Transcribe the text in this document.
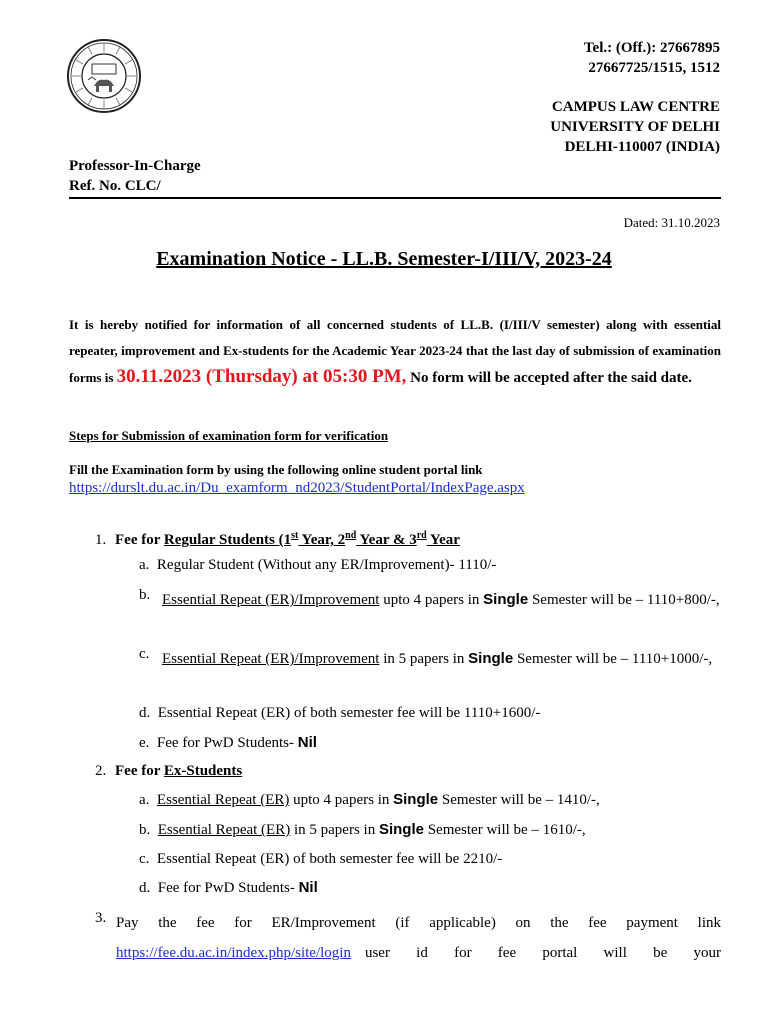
Tel.: (Off.): 27667895
27667725/1515, 1512
CAMPUS LAW CENTRE
UNIVERSITY OF DELHI
DELHI-110007 (INDIA)
Professor-In-Charge
Ref. No. CLC/
Dated: 31.10.2023
Examination Notice - LL.B. Semester-I/III/V, 2023-24
It is hereby notified for information of all concerned students of LL.B. (I/III/V semester) along with essential repeater, improvement and Ex-students for the Academic Year 2023-24 that the last day of submission of examination forms is 30.11.2023 (Thursday) at 05:30 PM, No form will be accepted after the said date.
Steps for Submission of examination form for verification
Fill the Examination form by using the following online student portal link
https://durslt.du.ac.in/Du_examform_nd2023/StudentPortal/IndexPage.aspx
1. Fee for Regular Students (1st Year, 2nd Year & 3rd Year
a. Regular Student (Without any ER/Improvement)- 1110/-
b. Essential Repeat (ER)/Improvement upto 4 papers in Single Semester will be – 1110+800/-,
c. Essential Repeat (ER)/Improvement in 5 papers in Single Semester will be – 1110+1000/-,
d. Essential Repeat (ER) of both semester fee will be 1110+1600/-
e. Fee for PwD Students- Nil
2. Fee for Ex-Students
a. Essential Repeat (ER) upto 4 papers in Single Semester will be – 1410/-,
b. Essential Repeat (ER) in 5 papers in Single Semester will be – 1610/-,
c. Essential Repeat (ER) of both semester fee will be 2210/-
d. Fee for PwD Students- Nil
3. Pay the fee for ER/Improvement (if applicable) on the fee payment link
https://fee.du.ac.in/index.php/site/login user id for fee portal will be your
